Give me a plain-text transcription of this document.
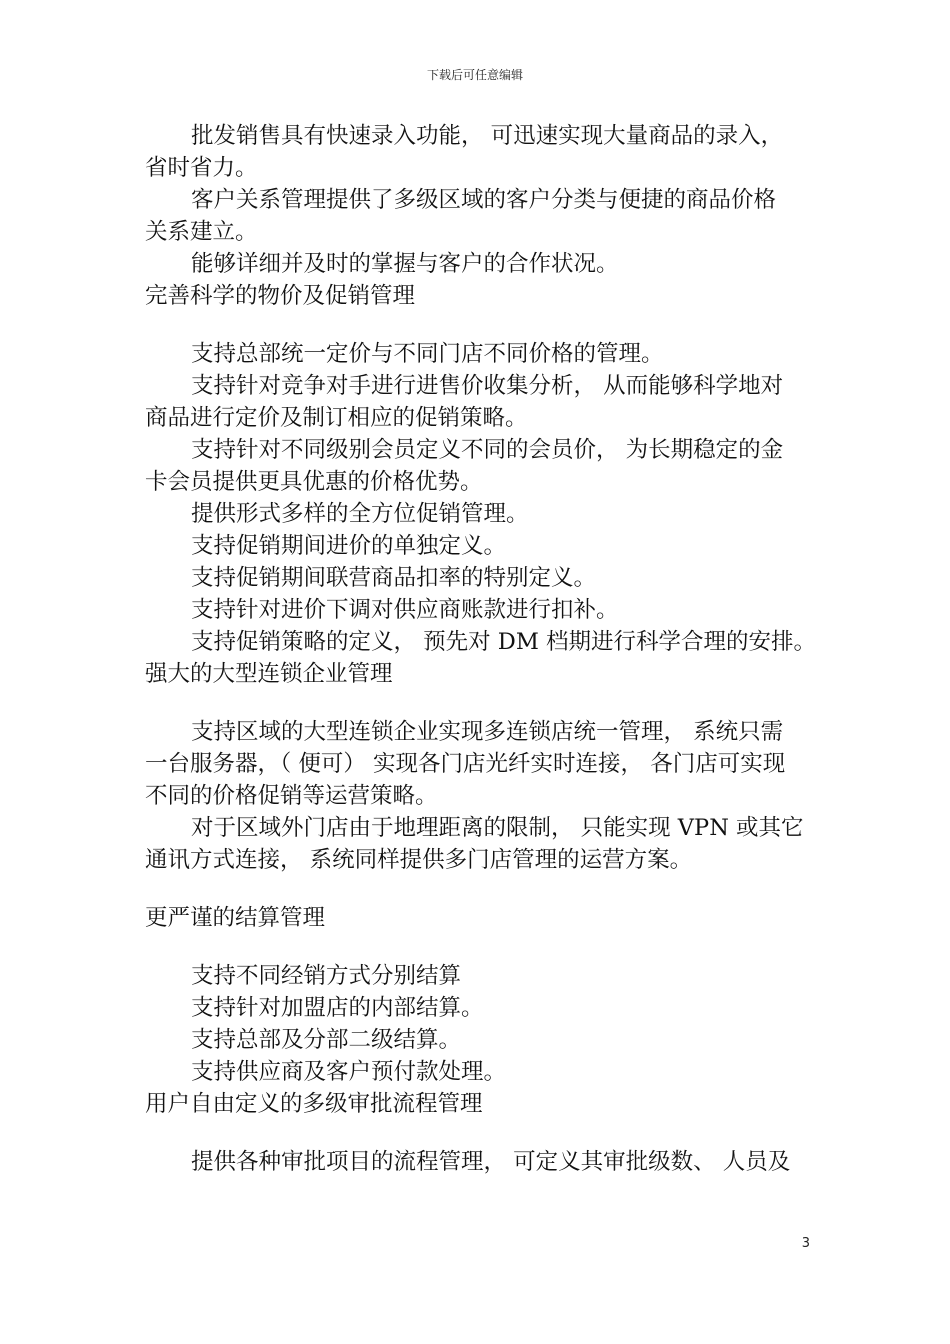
下载后可任意编辑

批发销售具有快速录入功能， 可迅速实现大量商品的录入，

省时省力。

客户关系管理提供了多级区域的客户分类与便捷的商品价格

关系建立。

能够详细并及时的掌握与客户的合作状况。

完善科学的物价及促销管理

支持总部统一定价与不同门店不同价格的管理。

支持针对竞争对手进行进售价收集分析， 从而能够科学地对

商品进行定价及制订相应的促销策略。

支持针对不同级别会员定义不同的会员价， 为长期稳定的金

卡会员提供更具优惠的价格优势。

提供形式多样的全方位促销管理。

支持促销期间进价的单独定义。

支持促销期间联营商品扣率的特别定义。

支持针对进价下调对供应商账款进行扣补。

支持促销策略的定义， 预先对 DM 档期进行科学合理的安排。

强大的大型连锁企业管理

支持区域的大型连锁企业实现多连锁店统一管理， 系统只需

一台服务器，（ 便可） 实现各门店光纤实时连接， 各门店可实现

不同的价格促销等运营策略。

对于区域外门店由于地理距离的限制， 只能实现 VPN 或其它

通讯方式连接， 系统同样提供多门店管理的运营方案。

更严谨的结算管理

支持不同经销方式分别结算

支持针对加盟店的内部结算。

支持总部及分部二级结算。

支持供应商及客户预付款处理。

用户自由定义的多级审批流程管理

提供各种审批项目的流程管理， 可定义其审批级数、 人员及

3
